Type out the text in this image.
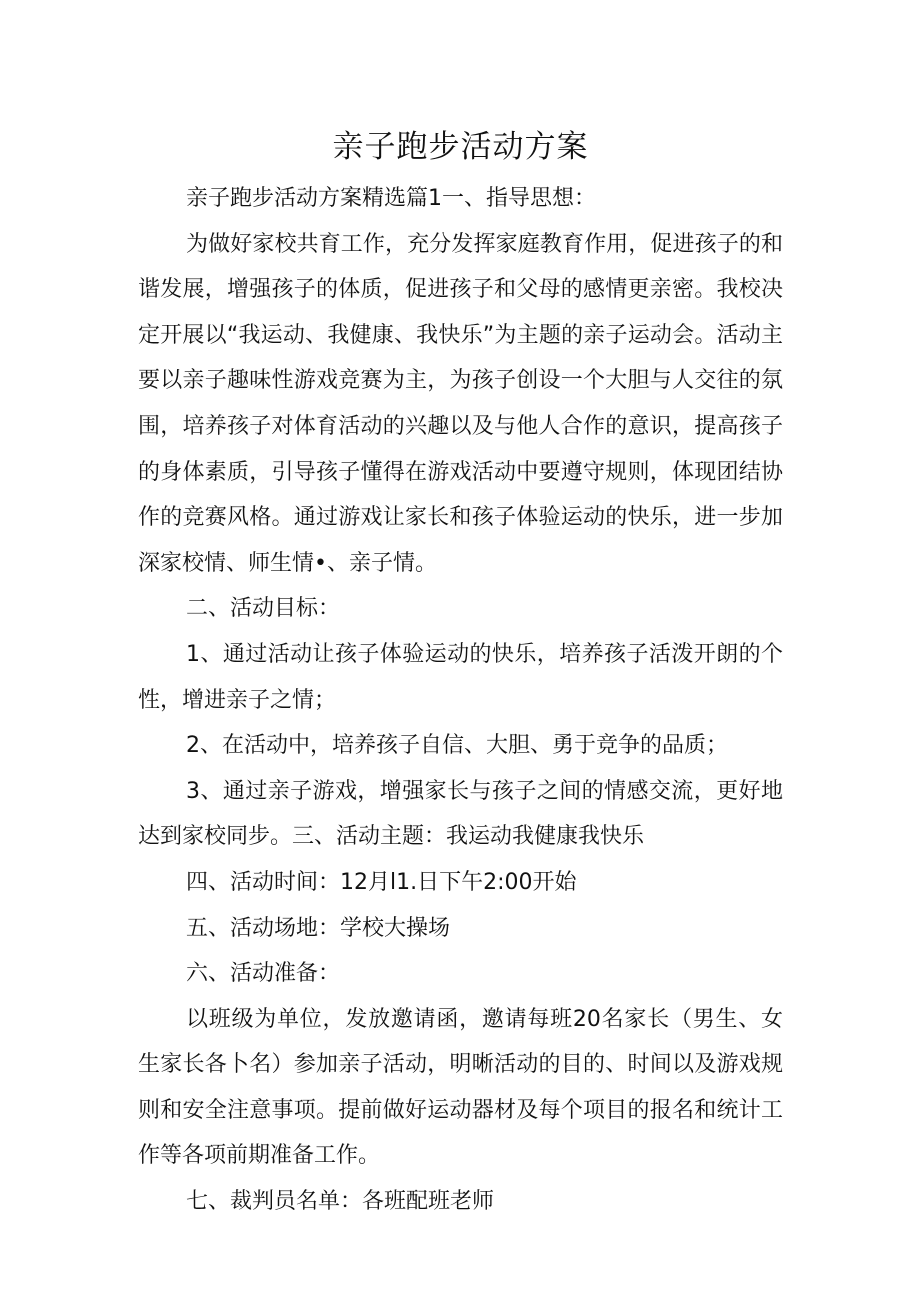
亲子跑步活动方案

亲子跑步活动方案精选篇1一、指导思想：

为做好家校共育工作，充分发挥家庭教育作用，促进孩子的和谐发展，增强孩子的体质，促进孩子和父母的感情更亲密。我校决定开展以“我运动、我健康、我快乐”为主题的亲子运动会。活动主要以亲子趣味性游戏竞赛为主，为孩子创设一个大胆与人交往的氛围，培养孩子对体育活动的兴趣以及与他人合作的意识，提高孩子的身体素质，引导孩子懂得在游戏活动中要遵守规则，体现团结协作的竞赛风格。通过游戏让家长和孩子体验运动的快乐，进一步加深家校情、师生情•、亲子情。

二、活动目标：

1、通过活动让孩子体验运动的快乐，培养孩子活泼开朗的个性，增进亲子之情；

2、在活动中，培养孩子自信、大胆、勇于竞争的品质；

3、通过亲子游戏，增强家长与孩子之间的情感交流，更好地达到家校同步。三、活动主题：我运动我健康我快乐

四、活动时间：12月l1.日下午2:00开始

五、活动场地：学校大操场

六、活动准备：

以班级为单位，发放邀请函，邀请每班20名家长（男生、女生家长各卜名）参加亲子活动，明晰活动的目的、时间以及游戏规则和安全注意事项。提前做好运动器材及每个项目的报名和统计工作等各项前期准备工作。

七、裁判员名单：各班配班老师
